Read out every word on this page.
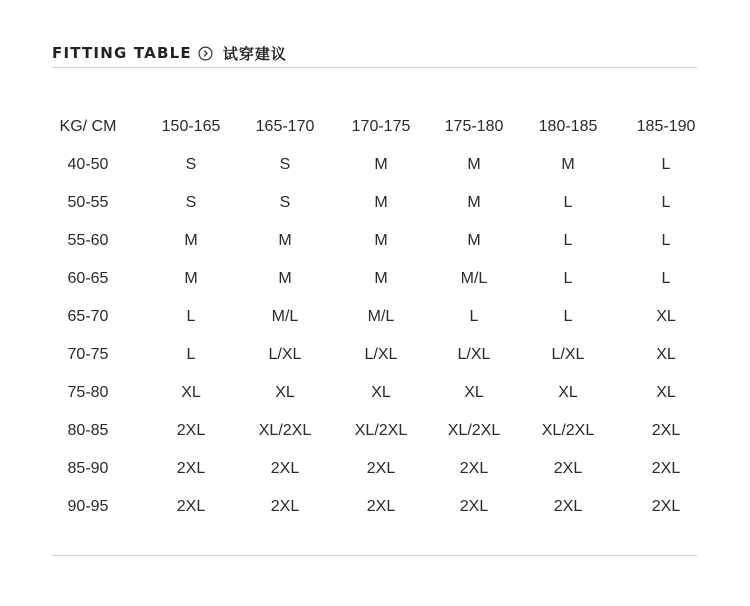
FITTING TABLE 试穿建议
KG/ CM	150-165	165-170	170-175	175-180	180-185	185-190
40-50	S	S	M	M	M	L
50-55	S	S	M	M	L	L
55-60	M	M	M	M	L	L
60-65	M	M	M	M/L	L	L
65-70	L	M/L	M/L	L	L	XL
70-75	L	L/XL	L/XL	L/XL	L/XL	XL
75-80	XL	XL	XL	XL	XL	XL
80-85	2XL	XL/2XL	XL/2XL	XL/2XL	XL/2XL	2XL
85-90	2XL	2XL	2XL	2XL	2XL	2XL
90-95	2XL	2XL	2XL	2XL	2XL	2XL
